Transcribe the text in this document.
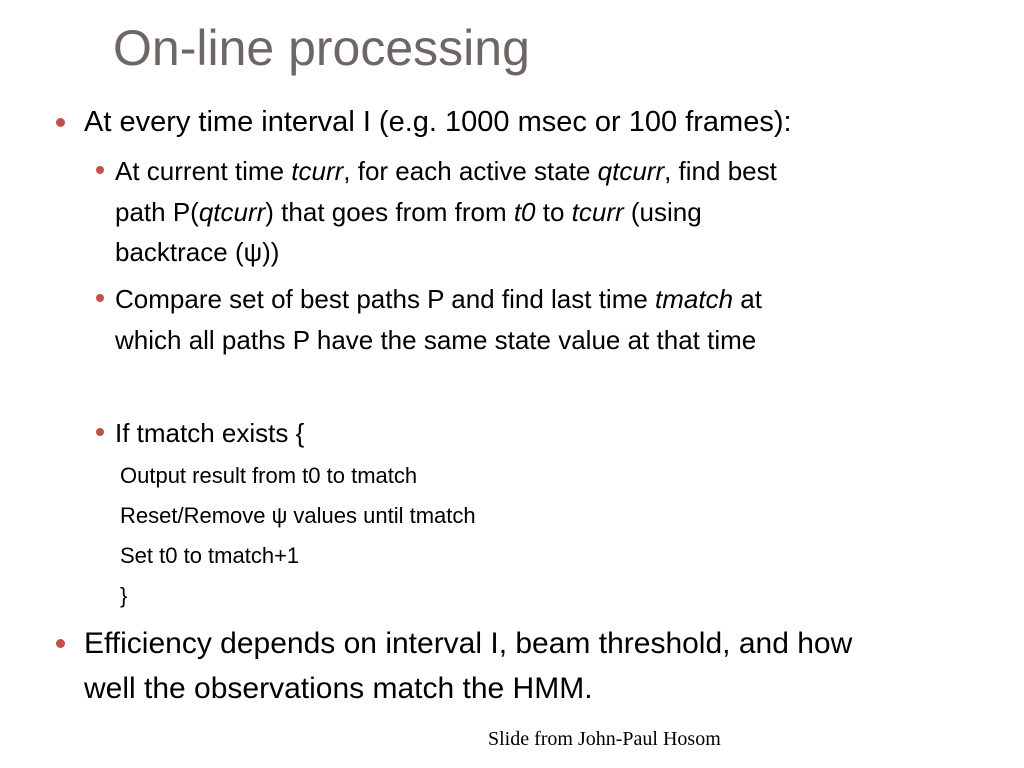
On-line processing
At every time interval I (e.g. 1000 msec or 100 frames):
At current time tcurr, for each active state qtcurr, find best
path P(qtcurr) that goes from from t0 to tcurr (using
backtrace (ψ))
Compare set of best paths P and find last time tmatch at
which all paths P have the same state value at that time
If tmatch exists {
Output result from t0 to tmatch
Reset/Remove ψ values until tmatch
Set t0 to tmatch+1
}
Efficiency depends on interval I, beam threshold, and how
well the observations match the HMM.
Slide from John-Paul Hosom
